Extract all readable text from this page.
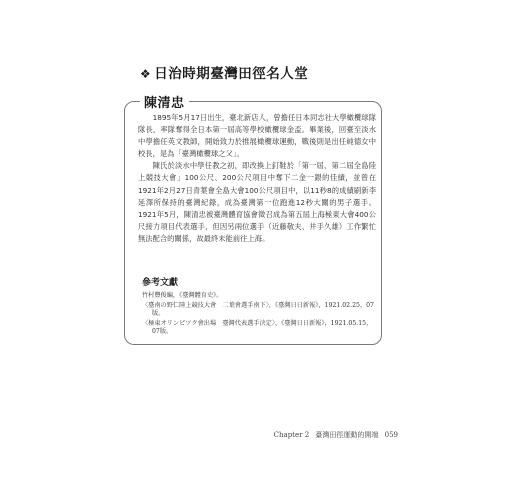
❖ 日治時期臺灣田徑名人堂
陳清忠

1895年5月17日出生，臺北新店人，曾擔任日本同志社大學橄欖球隊隊長，率隊奪得全日本第一屆高等學校橄欖球金盃。畢業後，回臺至淡水中學擔任英文教師，開始致力於推展橄欖球運動，戰後則是出任純德女中校長，是為「臺灣橄欖球之父」。

陳氏於淡水中學任教之初，即改換上釘鞋於「第一屆、第二屆全島陸上競技大會」100公尺、200公尺項目中奪下二金一銀的佳績，並曾在1921年2月27日青葉會全島大會100公尺項目中，以11秒8的成績刷新李延澤所保持的臺灣紀錄，成為臺灣第一位跑進12秒大關的男子選手。1921年5月，陳清忠被臺灣體育協會徵召成為第五屆上海極東大會400公尺接力項目代表選手，但因另兩位選手（近藤敬夫、井手久雄）工作繁忙無法配合的關係，故最終未能前往上海。

參考文獻

竹村豐俊編，《臺灣體育史》。

〈臺南の野仁陸上競技大會　二葉會選手南下〉，《臺灣日日新報》，1921.02.25，07版。

〈極東オリンピツク會出場　臺灣代表選手決定〉，《臺灣日日新報》，1921.05.15，07版。

Chapter 2 臺灣田徑運動的開端 059
